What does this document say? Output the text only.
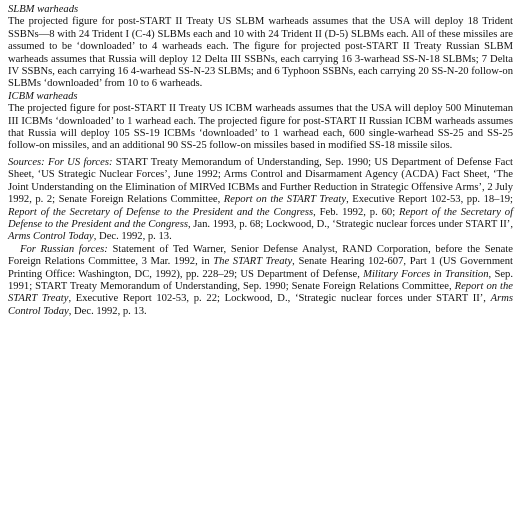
SLBM warheads

The projected figure for post-START II Treaty US SLBM warheads assumes that the USA will deploy 18 Trident SSBNs—8 with 24 Trident I (C-4) SLBMs each and 10 with 24 Trident II (D-5) SLBMs each. All of these missiles are assumed to be ‘downloaded’ to 4 warheads each. The figure for projected post-START II Treaty Russian SLBM warheads assumes that Russia will deploy 12 Delta III SSBNs, each carrying 16 3-warhead SS-N-18 SLBMs; 7 Delta IV SSBNs, each carrying 16 4-warhead SS-N-23 SLBMs; and 6 Typhoon SSBNs, each carrying 20 SS-N-20 follow-on SLBMs ‘downloaded’ from 10 to 6 warheads.

ICBM warheads

The projected figure for post-START II Treaty US ICBM warheads assumes that the USA will deploy 500 Minuteman III ICBMs ‘downloaded’ to 1 warhead each. The projected figure for post-START II Russian ICBM warheads assumes that Russia will deploy 105 SS-19 ICBMs ‘downloaded’ to 1 warhead each, 600 single-warhead SS-25 and SS-25 follow-on missiles, and an additional 90 SS-25 follow-on missiles based in modified SS-18 missile silos.

Sources: For US forces: START Treaty Memorandum of Understanding, Sep. 1990; US Department of Defense Fact Sheet, ‘US Strategic Nuclear Forces’, June 1992; Arms Control and Disarmament Agency (ACDA) Fact Sheet, ‘The Joint Understanding on the Elimination of MIRVed ICBMs and Further Reduction in Strategic Offensive Arms’, 2 July 1992, p. 2; Senate Foreign Relations Committee, Report on the START Treaty, Executive Report 102-53, pp. 18–19; Report of the Secretary of Defense to the President and the Congress, Feb. 1992, p. 60; Report of the Secretary of Defense to the President and the Congress, Jan. 1993, p. 68; Lockwood, D., ‘Strategic nuclear forces under START II’, Arms Control Today, Dec. 1992, p. 13.

For Russian forces: Statement of Ted Warner, Senior Defense Analyst, RAND Corporation, before the Senate Foreign Relations Committee, 3 Mar. 1992, in The START Treaty, Senate Hearing 102-607, Part 1 (US Government Printing Office: Washington, DC, 1992), pp. 228–29; US Department of Defense, Military Forces in Transition, Sep. 1991; START Treaty Memorandum of Understanding, Sep. 1990; Senate Foreign Relations Committee, Report on the START Treaty, Executive Report 102-53, p. 22; Lockwood, D., ‘Strategic nuclear forces under START II’, Arms Control Today, Dec. 1992, p. 13.
